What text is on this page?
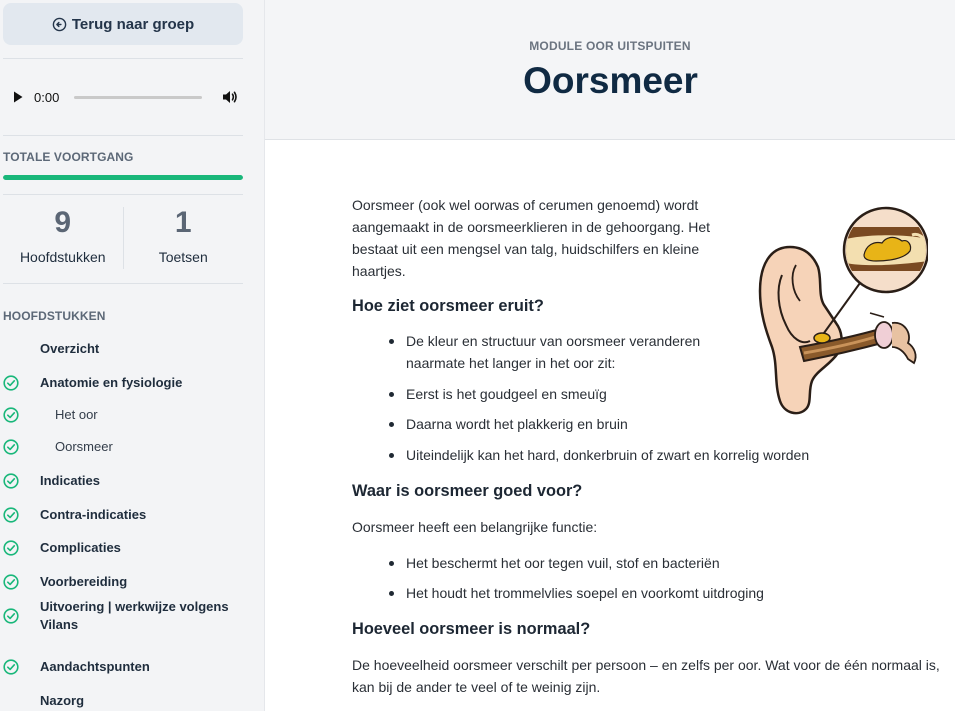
Terug naar groep
0:00
TOTALE VOORTGANG
9
Hoofdstukken
1
Toetsen
HOOFDSTUKKEN
Overzicht
Anatomie en fysiologie
Het oor
Oorsmeer
Indicaties
Contra-indicaties
Complicaties
Voorbereiding
Uitvoering | werkwijze volgens Vilans
Aandachtspunten
Nazorg
MODULE OOR UITSPUITEN
Oorsmeer

Oorsmeer (ook wel oorwas of cerumen genoemd) wordt aangemaakt in de oorsmeerklieren in de gehoorgang. Het bestaat uit een mengsel van talg, huidschilfers en kleine haartjes.

Hoe ziet oorsmeer eruit?
De kleur en structuur van oorsmeer veranderen naarmate het langer in het oor zit:
Eerst is het goudgeel en smeuïg
Daarna wordt het plakkerig en bruin
Uiteindelijk kan het hard, donkerbruin of zwart en korrelig worden
Waar is oorsmeer goed voor?

Oorsmeer heeft een belangrijke functie:

Het beschermt het oor tegen vuil, stof en bacteriën
Het houdt het trommelvlies soepel en voorkomt uitdroging
Hoeveel oorsmeer is normaal?

De hoeveelheid oorsmeer verschilt per persoon – en zelfs per oor. Wat voor de één normaal is, kan bij de ander te veel of te weinig zijn.
